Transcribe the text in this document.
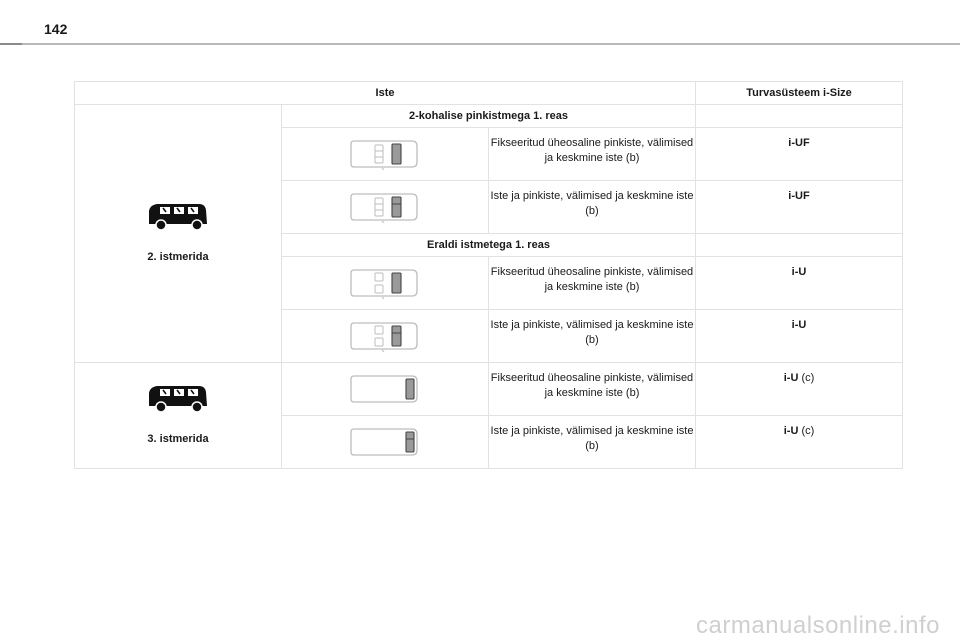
142
Iste			Turvasüsteem i-Size

2. istmerida	2-kohalise pinkistmega 1. reas		

	Fikseeritud üheosaline pinkiste, välimised ja keskmine iste (b)	i-UF

	Iste ja pinkiste, välimised ja keskmine iste (b)	i-UF
	Eraldi istmetega 1. reas		

	Fikseeritud üheosaline pinkiste, välimised ja keskmine iste (b)	i-U

	Iste ja pinkiste, välimised ja keskmine iste (b)	i-U

3. istmerida		Fikseeritud üheosaline pinkiste, välimised ja keskmine iste (b)	i-U (c)

	Iste ja pinkiste, välimised ja keskmine iste (b)	i-U (c)
carmanualsonline.info
